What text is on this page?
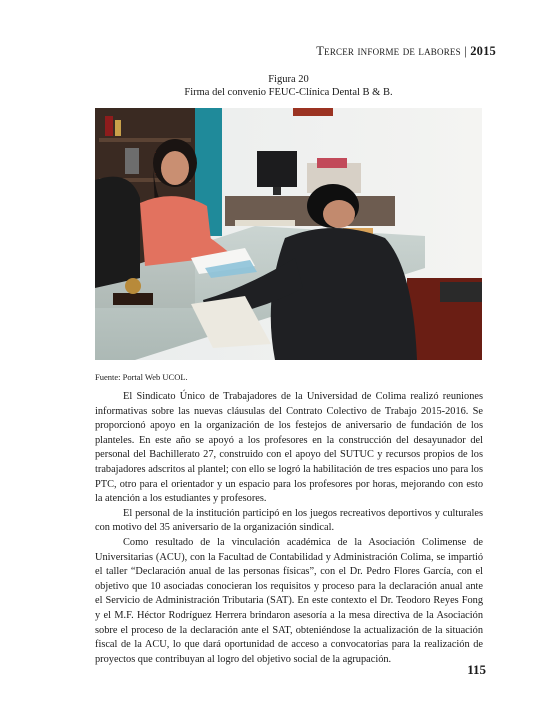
Tercer informe de labores | 2015
Figura 20
Firma del convenio FEUC-Clínica Dental B & B.
Fuente: Portal Web UCOL.

El Sindicato Único de Trabajadores de la Universidad de Colima realizó reuniones informativas sobre las nuevas cláusulas del Contrato Colectivo de Trabajo 2015-2016. Se proporcionó apoyo en la organización de los festejos de aniversario de fundación de los planteles. En este año se apoyó a los profesores en la construcción del desayunador del personal del Bachillerato 27, construido con el apoyo del SUTUC y recursos propios de los trabajadores adscritos al plantel; con ello se logró la habilitación de tres espacios uno para los PTC, otro para el orientador y un espacio para los profesores por horas, mejorando con esto la atención a los estudiantes y profesores.

El personal de la institución participó en los juegos recreativos deportivos y culturales con motivo del 35 aniversario de la organización sindical.

Como resultado de la vinculación académica de la Asociación Colimense de Universitarias (ACU), con la Facultad de Contabilidad y Administración Colima, se impartió el taller “Declaración anual de las personas físicas”, con el Dr. Pedro Flores García, con el objetivo que 10 asociadas conocieran los requisitos y proceso para la declaración anual ante el Servicio de Administración Tributaria (SAT). En este contexto el Dr. Teodoro Reyes Fong y el M.F. Héctor Rodríguez Herrera brindaron asesoría a la mesa directiva de la Asociación sobre el proceso de la declaración ante el SAT, obteniéndose la actualización de la situación fiscal de la ACU, lo que dará oportunidad de acceso a convocatorias para la realización de proyectos que contribuyan al logro del objetivo social de la agrupación.

115
